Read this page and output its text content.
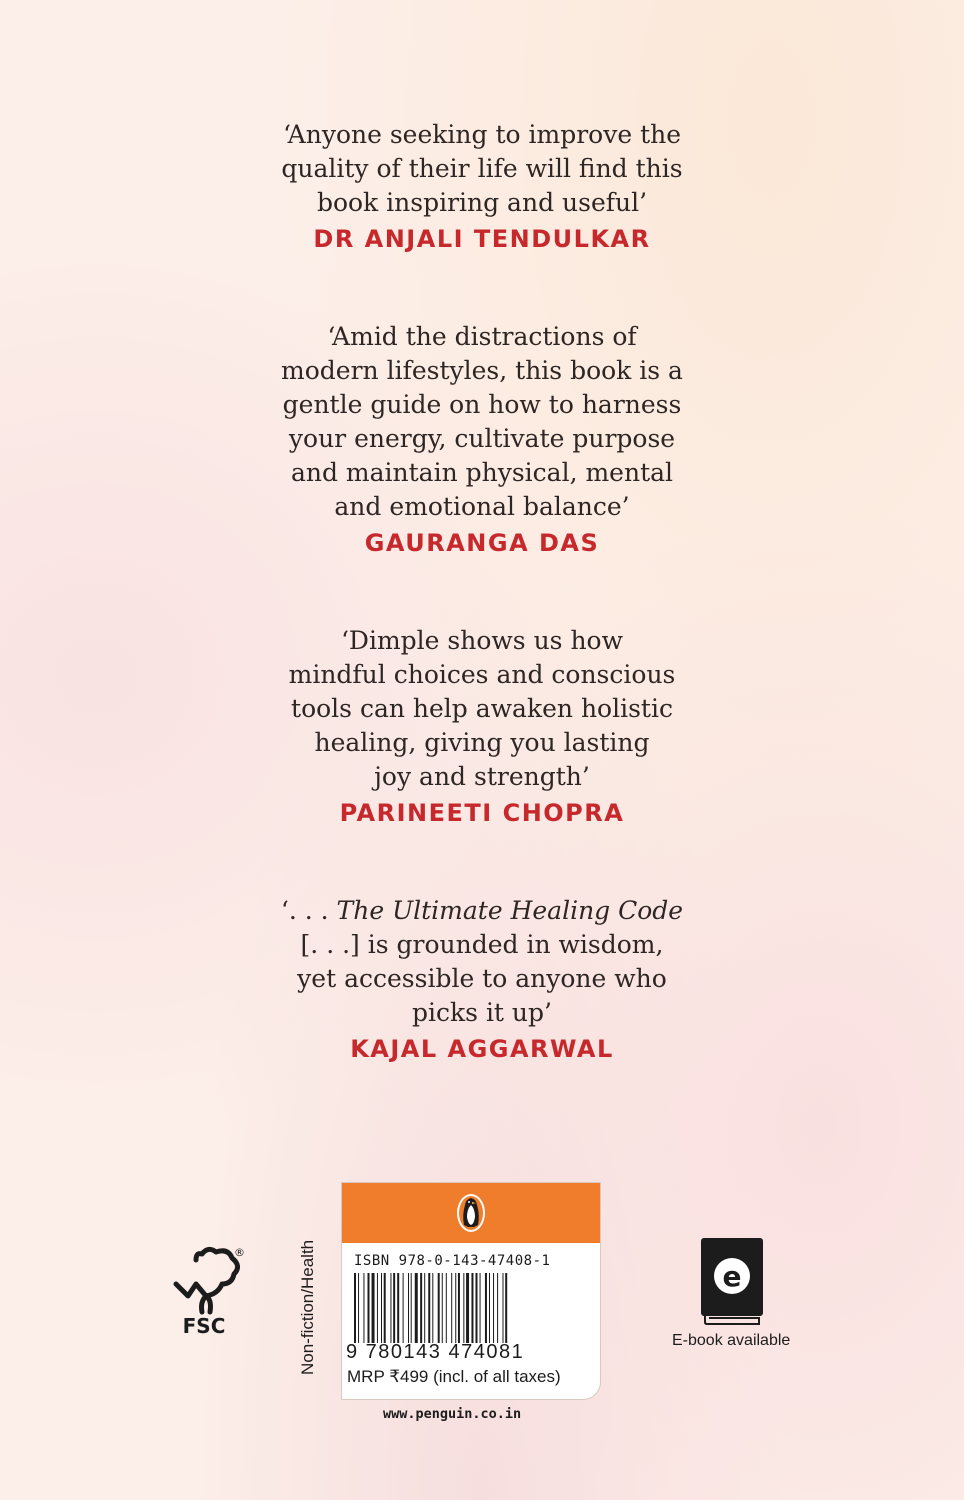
‘Anyone seeking to improve the
quality of their life will find this
book inspiring and useful’

DR ANJALI TENDULKAR

‘Amid the distractions of
modern lifestyles, this book is a
gentle guide on how to harness
your energy, cultivate purpose
and maintain physical, mental
and emotional balance’

GAURANGA DAS

‘Dimple shows us how
mindful choices and conscious
tools can help awaken holistic
healing, giving you lasting
joy and strength’

PARINEETI CHOPRA

‘. . . The Ultimate Healing Code
[. . .] is grounded in wisdom,
yet accessible to anyone who
picks it up’

KAJAL AGGARWAL
®
FSC	Non-fiction/Health	ISBN 978-0-143-47408-1
9 780143 474081
MRP ₹499 (incl. of all taxes)
www.penguin.co.in
e
E-book available
